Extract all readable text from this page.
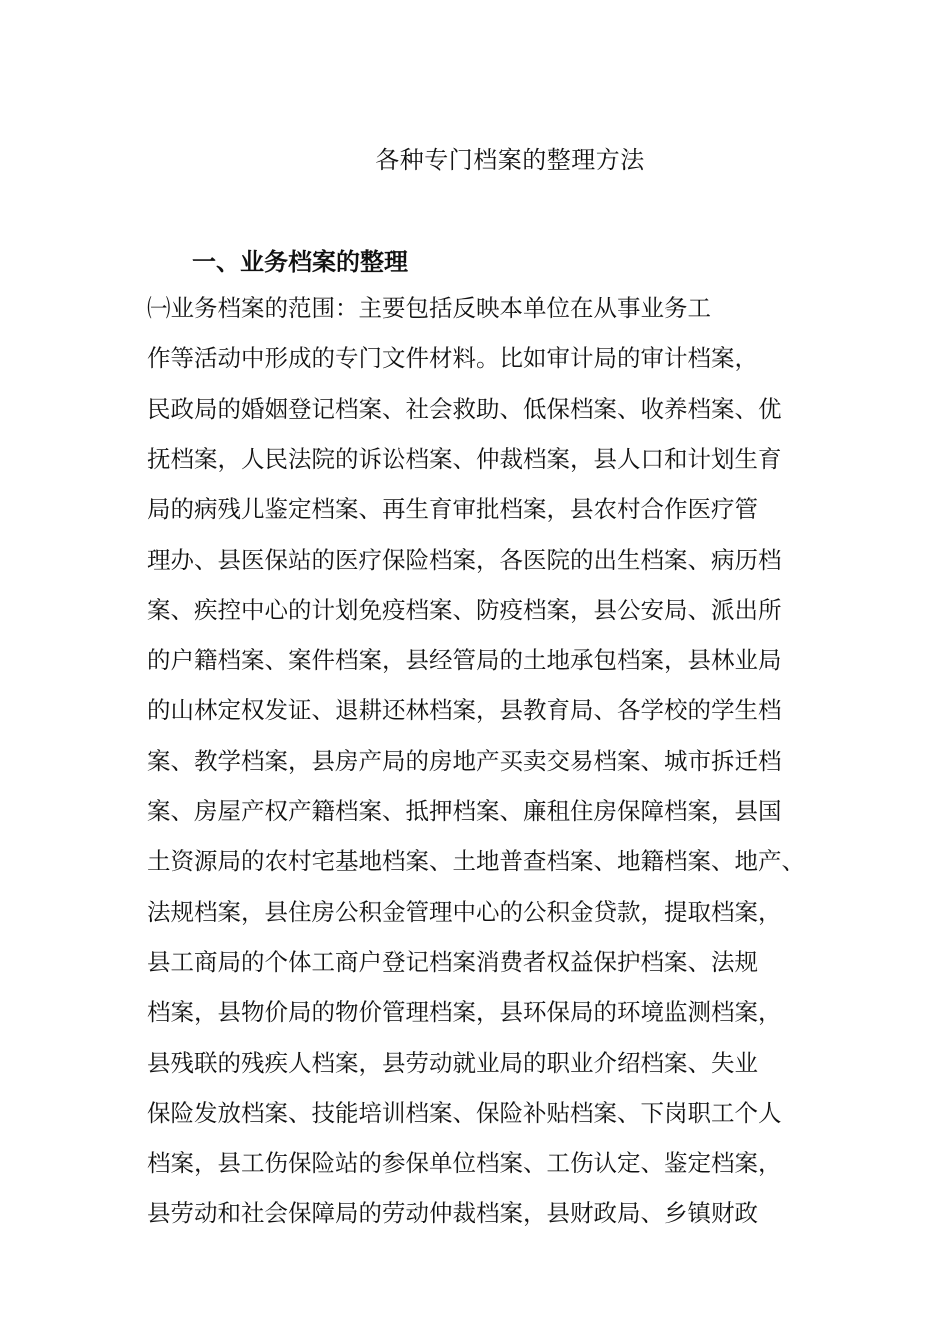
各种专门档案的整理方法
一、业务档案的整理

㈠业务档案的范围：主要包括反映本单位在从事业务工

作等活动中形成的专门文件材料。比如审计局的审计档案，

民政局的婚姻登记档案、社会救助、低保档案、收养档案、优

抚档案，人民法院的诉讼档案、仲裁档案，县人口和计划生育

局的病残儿鉴定档案、再生育审批档案，县农村合作医疗管

理办、县医保站的医疗保险档案，各医院的出生档案、病历档

案、疾控中心的计划免疫档案、防疫档案，县公安局、派出所

的户籍档案、案件档案，县经管局的土地承包档案，县林业局

的山林定权发证、退耕还林档案，县教育局、各学校的学生档

案、教学档案，县房产局的房地产买卖交易档案、城市拆迁档

案、房屋产权产籍档案、抵押档案、廉租住房保障档案，县国

土资源局的农村宅基地档案、土地普查档案、地籍档案、地产、

法规档案，县住房公积金管理中心的公积金贷款，提取档案，

县工商局的个体工商户登记档案消费者权益保护档案、法规

档案，县物价局的物价管理档案，县环保局的环境监测档案，

县残联的残疾人档案，县劳动就业局的职业介绍档案、失业

保险发放档案、技能培训档案、保险补贴档案、下岗职工个人

档案，县工伤保险站的参保单位档案、工伤认定、鉴定档案，

县劳动和社会保障局的劳动仲裁档案，县财政局、乡镇财政
